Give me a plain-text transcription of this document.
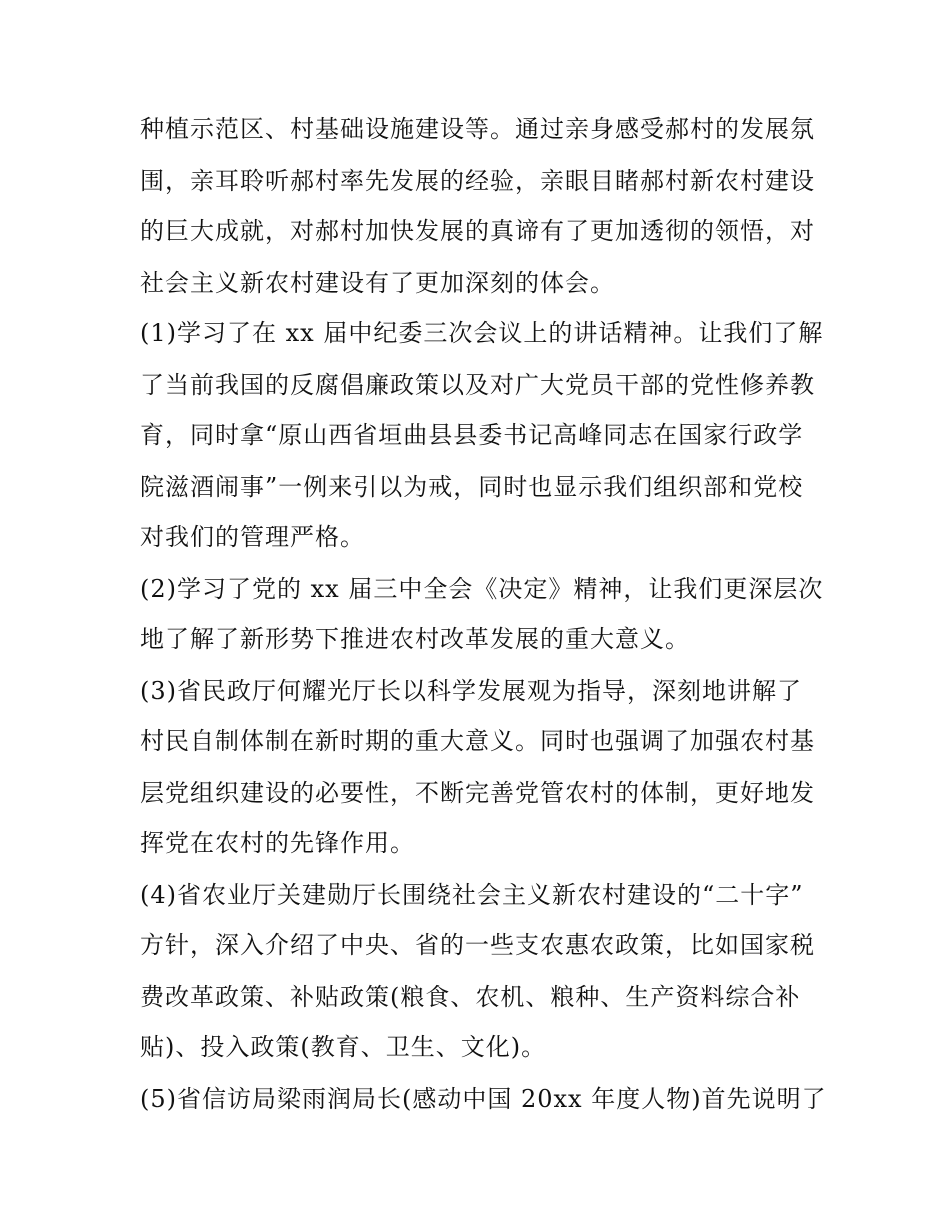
种植示范区、村基础设施建设等。通过亲身感受郝村的发展氛
围，亲耳聆听郝村率先发展的经验，亲眼目睹郝村新农村建设
的巨大成就，对郝村加快发展的真谛有了更加透彻的领悟，对
社会主义新农村建设有了更加深刻的体会。
(1)学习了在 xx 届中纪委三次会议上的讲话精神。让我们了解
了当前我国的反腐倡廉政策以及对广大党员干部的党性修养教
育，同时拿“原山西省垣曲县县委书记高峰同志在国家行政学
院滋酒闹事”一例来引以为戒，同时也显示我们组织部和党校
对我们的管理严格。
(2)学习了党的 xx 届三中全会《决定》精神，让我们更深层次
地了解了新形势下推进农村改革发展的重大意义。
(3)省民政厅何耀光厅长以科学发展观为指导，深刻地讲解了
村民自制体制在新时期的重大意义。同时也强调了加强农村基
层党组织建设的必要性，不断完善党管农村的体制，更好地发
挥党在农村的先锋作用。
(4)省农业厅关建勋厅长围绕社会主义新农村建设的“二十字”
方针，深入介绍了中央、省的一些支农惠农政策，比如国家税
费改革政策、补贴政策(粮食、农机、粮种、生产资料综合补
贴)、投入政策(教育、卫生、文化)。
(5)省信访局梁雨润局长(感动中国 20xx 年度人物)首先说明了
